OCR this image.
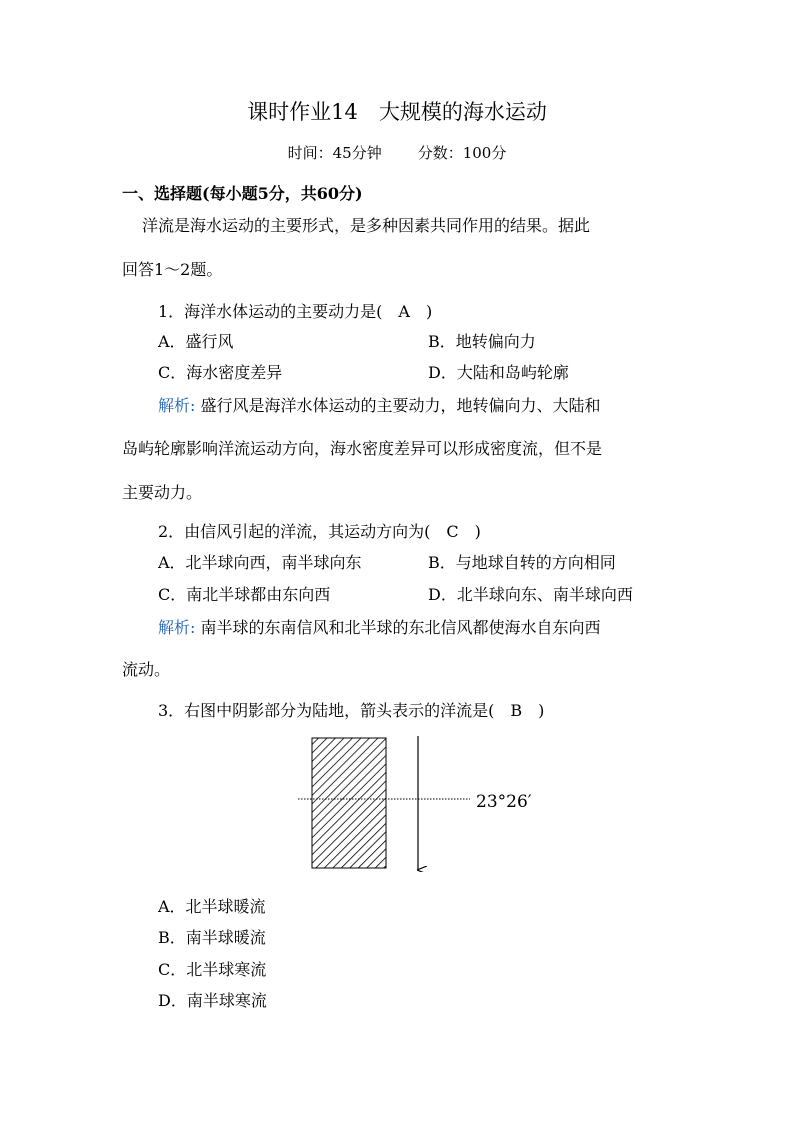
课时作业14　大规模的海水运动
时间：45分钟 分数：100分
一、选择题(每小题5分，共60分)
洋流是海水运动的主要形式，是多种因素共同作用的结果。据此
回答1～2题。
1．海洋水体运动的主要动力是(　A　)
A．盛行风	B．地转偏向力
C．海水密度差异	D．大陆和岛屿轮廓
解析: 盛行风是海洋水体运动的主要动力，地转偏向力、大陆和
岛屿轮廓影响洋流运动方向，海水密度差异可以形成密度流，但不是
主要动力。
2．由信风引起的洋流，其运动方向为(　C　)
A．北半球向西，南半球向东	B．与地球自转的方向相同
C．南北半球都由东向西	D．北半球向东、南半球向西
解析: 南半球的东南信风和北半球的东北信风都使海水自东向西
流动。
3．右图中阴影部分为陆地，箭头表示的洋流是(　B　)
23°26′
A．北半球暖流
B．南半球暖流
C．北半球寒流
D．南半球寒流
